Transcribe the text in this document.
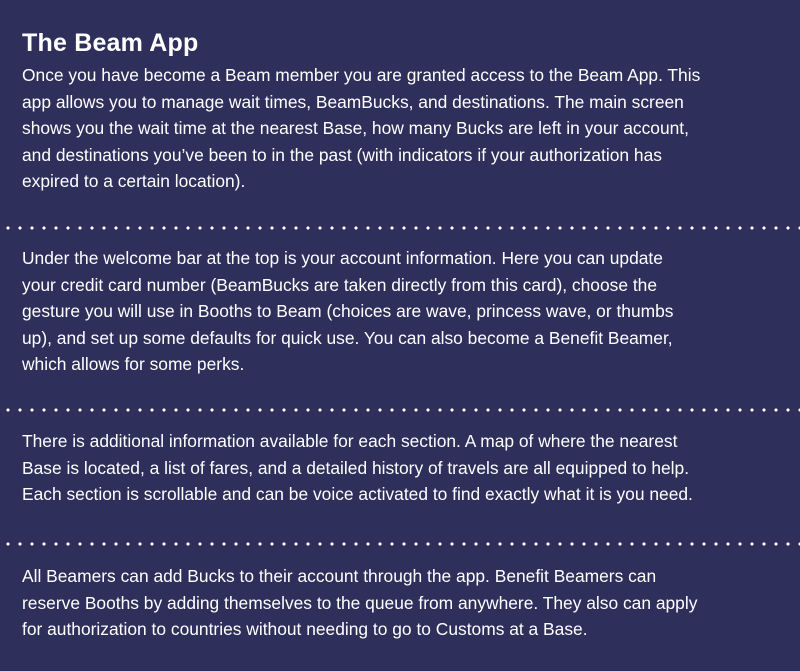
The Beam App

Once you have become a Beam member you are granted access to the Beam App. This
app allows you to manage wait times, BeamBucks, and destinations. The main screen
shows you the wait time at the nearest Base, how many Bucks are left in your account,
and destinations you’ve been to in the past (with indicators if your authorization has
expired to a certain location).

Under the welcome bar at the top is your account information. Here you can update
your credit card number (BeamBucks are taken directly from this card), choose the
gesture you will use in Booths to Beam (choices are wave, princess wave, or thumbs
up), and set up some defaults for quick use. You can also become a Benefit Beamer,
which allows for some perks.

There is additional information available for each section. A map of where the nearest
Base is located, a list of fares, and a detailed history of travels are all equipped to help.
Each section is scrollable and can be voice activated to find exactly what it is you need.

All Beamers can add Bucks to their account through the app. Benefit Beamers can
reserve Booths by adding themselves to the queue from anywhere. They also can apply
for authorization to countries without needing to go to Customs at a Base.
